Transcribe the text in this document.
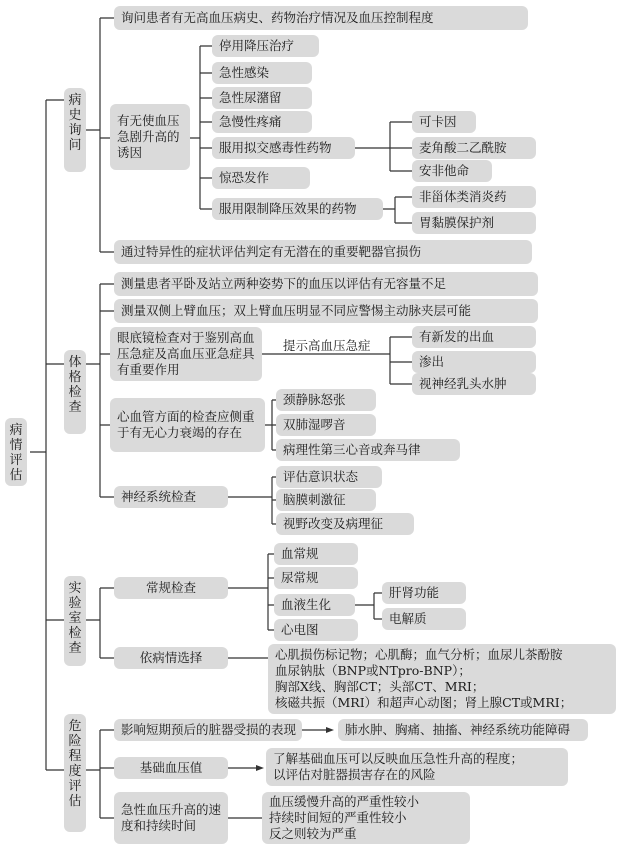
病情评估
病史询问
体格检查
实验室检查
危险程度评估
询问患者有无高血压病史、药物治疗情况及血压控制程度
有无使血压急剧升高的诱因
停用降压治疗
急性感染
急性尿潴留
急慢性疼痛
服用拟交感毒性药物
惊恐发作
服用限制降压效果的药物
可卡因
麦角酸二乙酰胺
安非他命
非甾体类消炎药
胃黏膜保护剂
通过特异性的症状评估判定有无潜在的重要靶器官损伤
测量患者平卧及站立两种姿势下的血压以评估有无容量不足
测量双侧上臂血压；双上臂血压明显不同应警惕主动脉夹层可能
眼底镜检查对于鉴别高血压急症及高血压亚急症具有重要作用
提示高血压急症
有新发的出血
渗出
视神经乳头水肿
心血管方面的检查应侧重于有无心力衰竭的存在
颈静脉怒张
双肺湿啰音
病理性第三心音或奔马律
神经系统检查
评估意识状态
脑膜刺激征
视野改变及病理征
常规检查
血常规
尿常规
血液生化
心电图
肝肾功能
电解质
依病情选择	心肌损伤标记物；心肌酶；血气分析；血尿儿茶酚胺
血尿钠肽（BNP或NTpro-BNP）；
胸部X线、胸部CT；头部CT、MRI；
核磁共振（MRI）和超声心动图；肾上腺CT或MRI；
影响短期预后的脏器受损的表现	肺水肿、胸痛、抽搐、神经系统功能障碍
基础血压值
了解基础血压可以反映血压急性升高的程度；
以评估对脏器损害存在的风险
急性血压升高的速度和持续时间
血压缓慢升高的严重性较小
持续时间短的严重性较小
反之则较为严重
